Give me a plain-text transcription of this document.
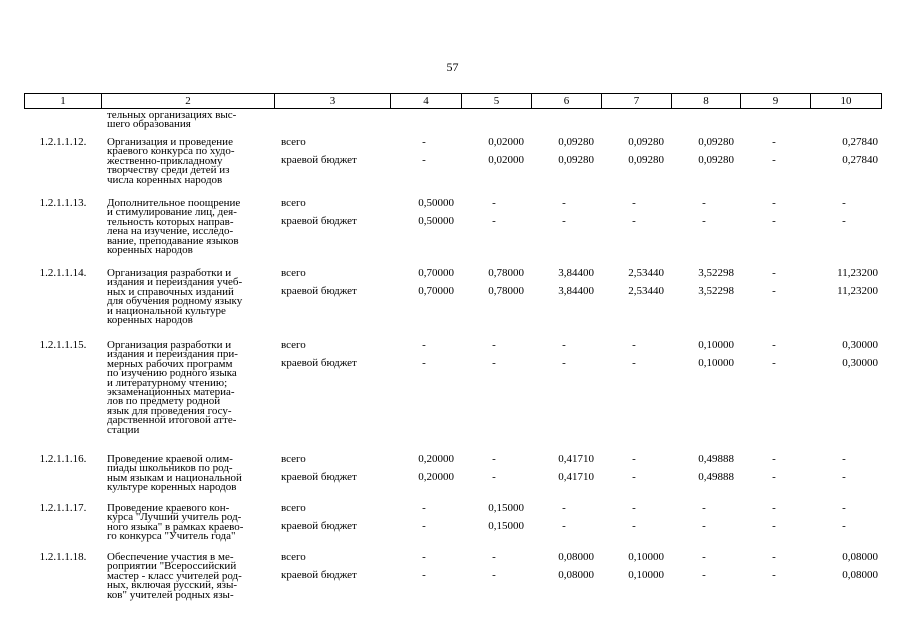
57
1	2	3	4	5	6	7	8	9	10
тельных организациях выс-
шего образования
1.2.1.1.12.	Организация и проведение
краевого конкурса по худо-
жественно-прикладному
творчеству среди детей из
числа коренных народов
всего	-	0,02000	0,09280	0,09280	0,09280	-	0,27840
краевой бюджет	-	0,02000	0,09280	0,09280	0,09280	-	0,27840
1.2.1.1.13.	Дополнительное поощрение
и стимулирование лиц, дея-
тельность которых направ-
лена на изучение, исследо-
вание, преподавание языков
коренных народов
всего	0,50000	-	-	-	-	-	-
краевой бюджет	0,50000	-	-	-	-	-	-
1.2.1.1.14.	Организация разработки и
издания и переиздания учеб-
ных и справочных изданий
для обучения родному языку
и национальной культуре
коренных народов
всего	0,70000	0,78000	3,84400	2,53440	3,52298	-	11,23200
краевой бюджет	0,70000	0,78000	3,84400	2,53440	3,52298	-	11,23200
1.2.1.1.15.	Организация разработки и
издания и переиздания при-
мерных рабочих программ
по изучению родного языка
и литературному чтению;
экзаменационных материа-
лов по предмету родной
язык для проведения госу-
дарственной итоговой атте-
стации
всего	-	-	-	-	0,10000	-	0,30000
краевой бюджет	-	-	-	-	0,10000	-	0,30000
1.2.1.1.16.	Проведение краевой олим-
пиады школьников по род-
ным языкам и национальной
культуре коренных народов
всего	0,20000	-	0,41710	-	0,49888	-	-
краевой бюджет	0,20000	-	0,41710	-	0,49888	-	-
1.2.1.1.17.	Проведение краевого кон-
курса "Лучший учитель род-
ного языка" в рамках краево-
го конкурса "Учитель года"
всего	-	0,15000	-	-	-	-	-
краевой бюджет	-	0,15000	-	-	-	-	-
1.2.1.1.18.	Обеспечение участия в ме-
роприятии "Всероссийский
мастер - класс учителей род-
ных, включая русский, язы-
ков" учителей родных язы-
всего	-	-	0,08000	0,10000	-	-	0,08000
краевой бюджет	-	-	0,08000	0,10000	-	-	0,08000
